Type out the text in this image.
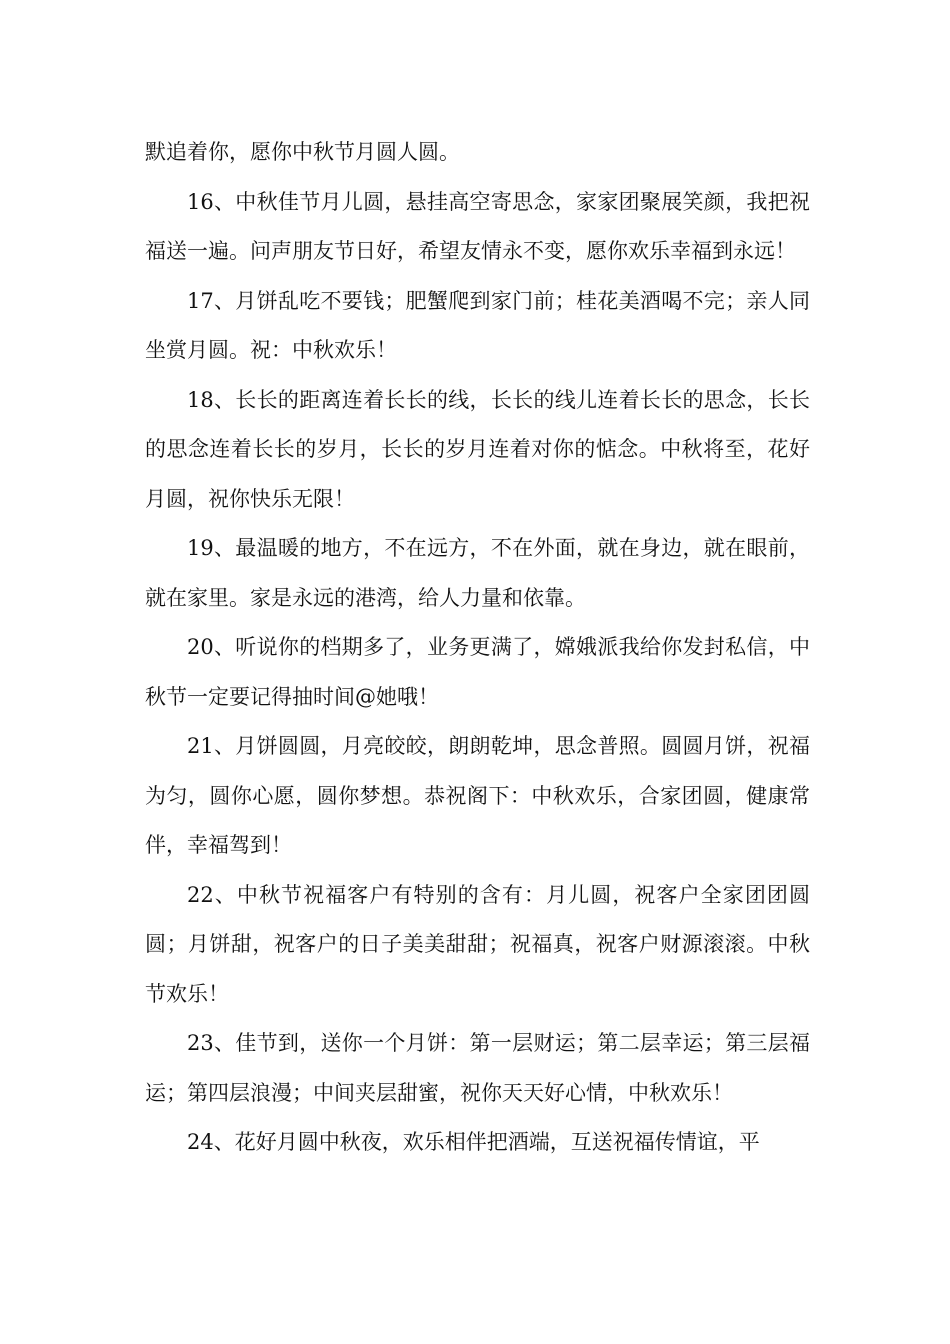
默追着你，愿你中秋节月圆人圆。

16、中秋佳节月儿圆，悬挂高空寄思念，家家团聚展笑颜，我把祝福送一遍。问声朋友节日好，希望友情永不变，愿你欢乐幸福到永远！

17、月饼乱吃不要钱；肥蟹爬到家门前；桂花美酒喝不完；亲人同坐赏月圆。祝：中秋欢乐！

18、长长的距离连着长长的线，长长的线儿连着长长的思念，长长的思念连着长长的岁月，长长的岁月连着对你的惦念。中秋将至，花好月圆，祝你快乐无限！

19、最温暖的地方，不在远方，不在外面，就在身边，就在眼前，就在家里。家是永远的港湾，给人力量和依靠。

20、听说你的档期多了，业务更满了，嫦娥派我给你发封私信，中秋节一定要记得抽时间@她哦！

21、月饼圆圆，月亮皎皎，朗朗乾坤，思念普照。圆圆月饼，祝福为匀，圆你心愿，圆你梦想。恭祝阁下：中秋欢乐，合家团圆，健康常伴，幸福驾到！

22、中秋节祝福客户有特别的含有：月儿圆，祝客户全家团团圆圆；月饼甜，祝客户的日子美美甜甜；祝福真，祝客户财源滚滚。中秋节欢乐！

23、佳节到，送你一个月饼：第一层财运；第二层幸运；第三层福运；第四层浪漫；中间夹层甜蜜，祝你天天好心情，中秋欢乐！

24、花好月圆中秋夜，欢乐相伴把酒端，互送祝福传情谊，平
